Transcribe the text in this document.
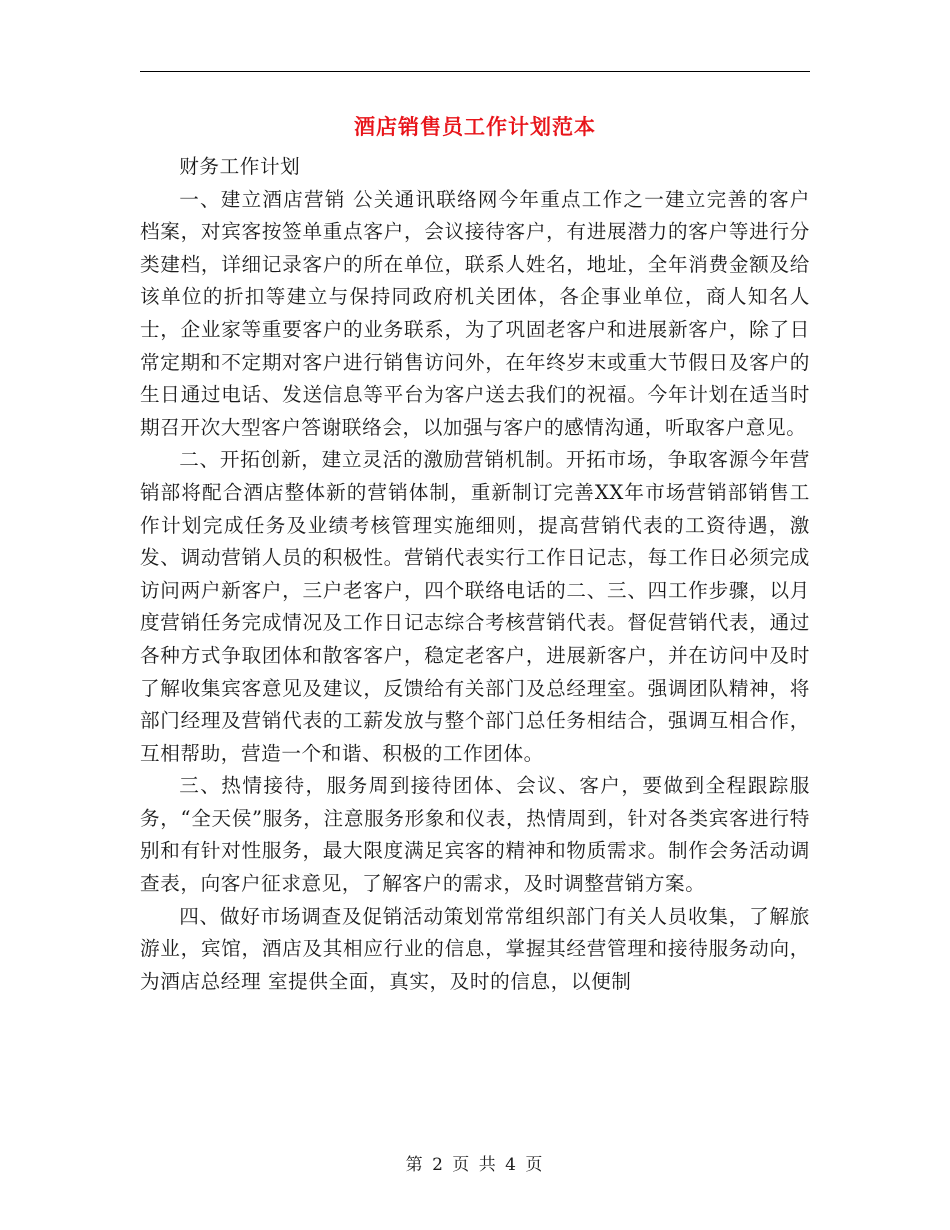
酒店销售员工作计划范本

财务工作计划

一、建立酒店营销 公关通讯联络网今年重点工作之一建立完善的客户档案，对宾客按签单重点客户，会议接待客户，有进展潜力的客户等进行分类建档，详细记录客户的所在单位，联系人姓名，地址，全年消费金额及给该单位的折扣等建立与保持同政府机关团体，各企事业单位，商人知名人士，企业家等重要客户的业务联系，为了巩固老客户和进展新客户，除了日常定期和不定期对客户进行销售访问外，在年终岁末或重大节假日及客户的生日通过电话、发送信息等平台为客户送去我们的祝福。今年计划在适当时期召开次大型客户答谢联络会，以加强与客户的感情沟通，听取客户意见。

二、开拓创新，建立灵活的激励营销机制。开拓市场，争取客源今年营销部将配合酒店整体新的营销体制，重新制订完善XX年市场营销部销售工作计划完成任务及业绩考核管理实施细则，提高营销代表的工资待遇，激发、调动营销人员的积极性。营销代表实行工作日记志，每工作日必须完成访问两户新客户，三户老客户，四个联络电话的二、三、四工作步骤，以月度营销任务完成情况及工作日记志综合考核营销代表。督促营销代表，通过各种方式争取团体和散客客户，稳定老客户，进展新客户，并在访问中及时了解收集宾客意见及建议，反馈给有关部门及总经理室。强调团队精神，将部门经理及营销代表的工薪发放与整个部门总任务相结合，强调互相合作，互相帮助，营造一个和谐、积极的工作团体。

三、热情接待，服务周到接待团体、会议、客户，要做到全程跟踪服务，“全天侯”服务，注意服务形象和仪表，热情周到，针对各类宾客进行特别和有针对性服务，最大限度满足宾客的精神和物质需求。制作会务活动调查表，向客户征求意见，了解客户的需求，及时调整营销方案。

四、做好市场调查及促销活动策划常常组织部门有关人员收集，了解旅游业，宾馆，酒店及其相应行业的信息，掌握其经营管理和接待服务动向，为酒店总经理 室提供全面，真实，及时的信息，以便制

第 2 页 共 4 页
